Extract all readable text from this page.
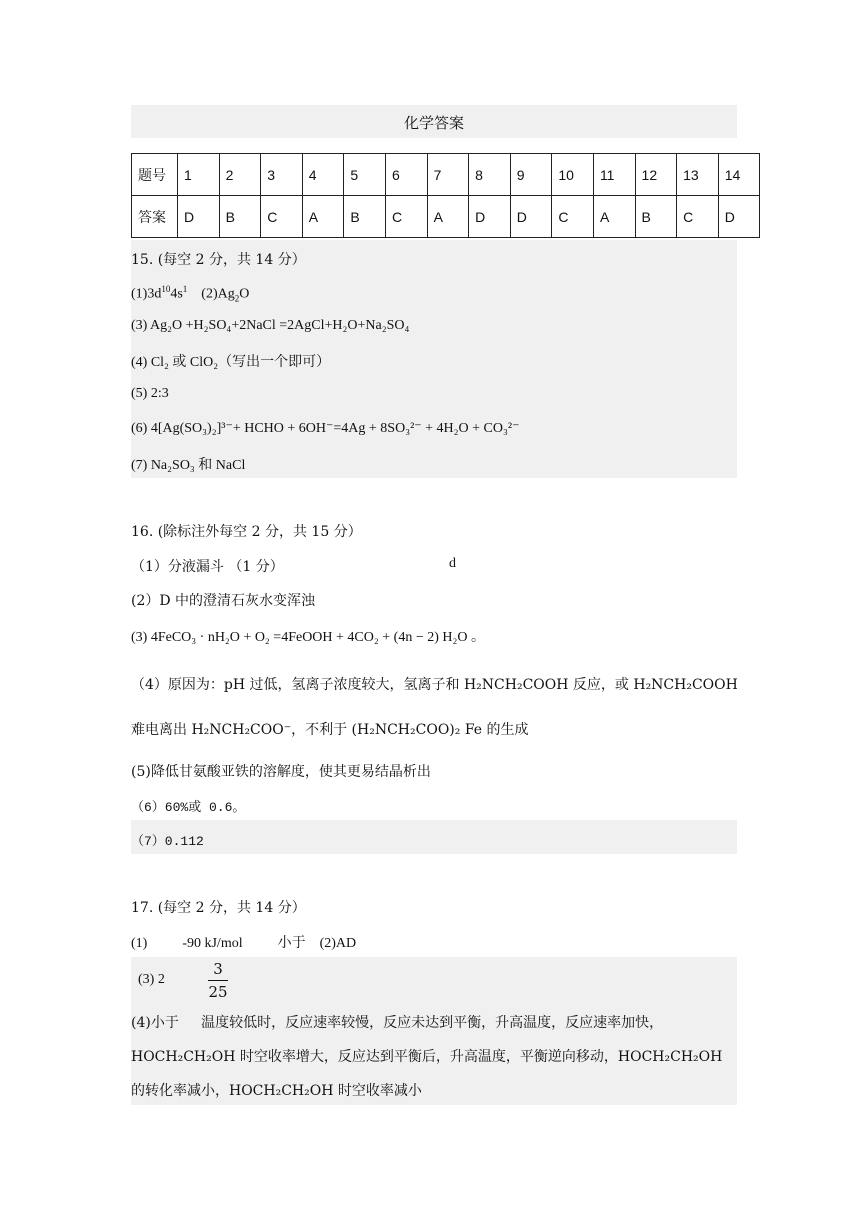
化学答案
题号	1	2	3	4	5	6	7	8	9	10	11	12	13	14
答案	D	B	C	A	B	C	A	D	D	C	A	B	C	D
15. (每空 2 分，共 14 分）
$(1)3d^{10}4s^1$    $(2)Ag_2O$
(3) Ag₂O +H₂SO₄+2NaCl =2AgCl+H₂O+Na₂SO₄
(4) Cl₂ 或 ClO₂（写出一个即可）
(5) 2:3
(6) 4[Ag(SO₃)₂]³⁻+ HCHO + 6OH⁻=4Ag + 8SO₃²⁻ + 4H₂O + CO₃²⁻
(7) Na₂SO₃ 和 NaCl
16. (除标注外每空 2 分，共 15 分）
（1）分液漏斗 （1 分）	d
(2）D 中的澄清石灰水变浑浊
(3) 4FeCO₃ · nH₂O + O₂ =4FeOOH + 4CO₂ + (4n − 2) H₂O 。
（4）原因为：pH 过低，氢离子浓度较大，氢离子和 H₂NCH₂COOH 反应，或 H₂NCH₂COOH
难电离出 H₂NCH₂COO⁻，不利于 (H₂NCH₂COO)₂ Fe 的生成
(5)降低甘氨酸亚铁的溶解度，使其更易结晶析出
（6）60%或 0.6。
（7）0.112
17. (每空 2 分，共 14 分）
(1)          -90 kJ/mol          小于    (2)AD
(3) 2
3
25
(4)小于     温度较低时，反应速率较慢，反应未达到平衡，升高温度，反应速率加快，
HOCH₂CH₂OH 时空收率增大，反应达到平衡后，升高温度，平衡逆向移动，HOCH₂CH₂OH
的转化率减小，HOCH₂CH₂OH 时空收率减小
